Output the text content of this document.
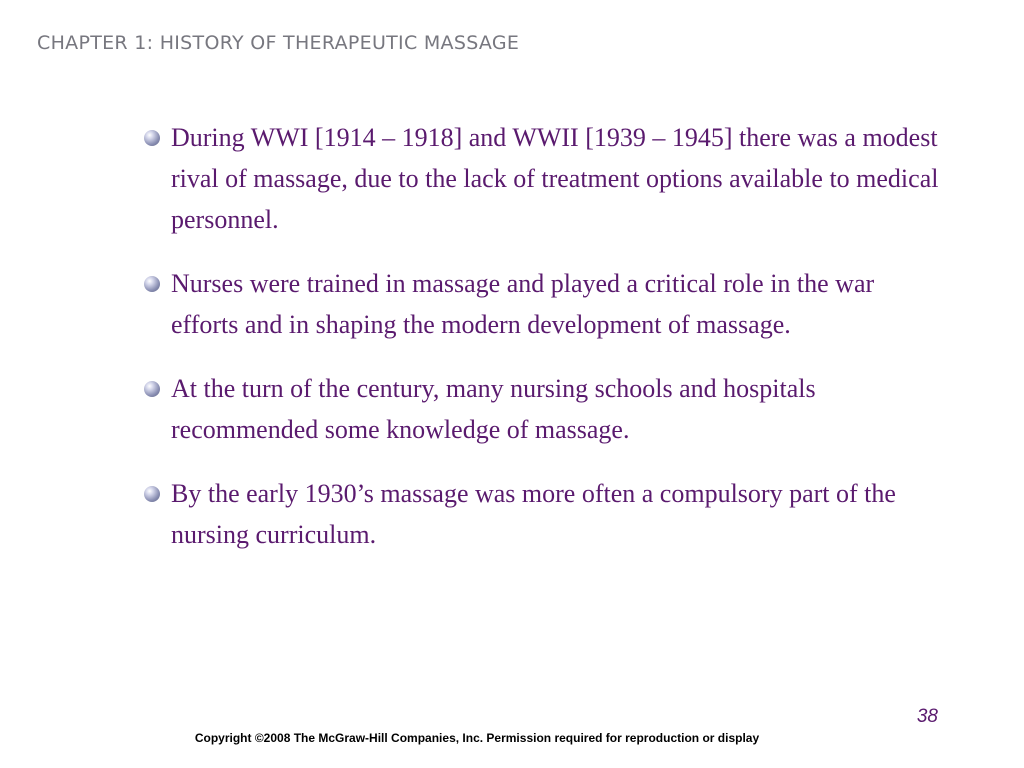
CHAPTER 1: HISTORY OF THERAPEUTIC MASSAGE
During WWI [1914 – 1918] and WWII [1939 – 1945] there was a modest rival of massage, due to the lack of treatment options available to medical personnel.
Nurses were trained in massage and played a critical role in the war efforts and in shaping the modern development of massage.
At the turn of the century, many nursing schools and hospitals recommended some knowledge of massage.
By the early 1930’s massage was more often a compulsory part of the nursing curriculum.
38
Copyright ©2008 The McGraw-Hill Companies, Inc. Permission required for reproduction or display
